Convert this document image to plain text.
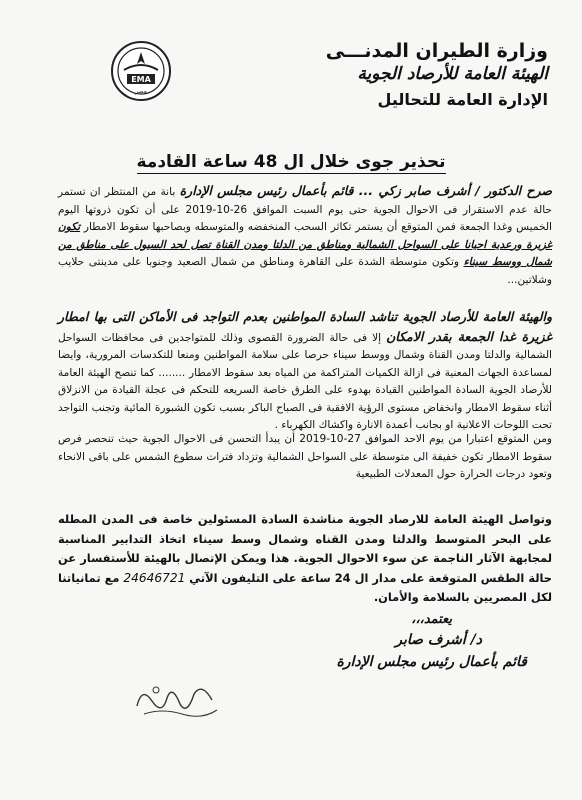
EMA
مصر
وزارة الطيران المدنـــى
الهيئة العامة للأرصاد الجوية
الإدارة العامة للتحاليل
تحذير جوى خلال ال 48 ساعة القادمة
صرح الدكتور / أشرف صابر زكي ... قائم بأعمال رئيس مجلس الإدارة بانة من المنتظر ان تستمر حالة عدم الاستقرار فى الاحوال الجوية حتى يوم السبت الموافق 26-10-2019 على أن تكون ذروتها اليوم الخميس وغدا الجمعة فمن المتوقع أن يستمر تكاثر السحب المنخفضه والمتوسطه وبصاحبها سقوط الامطار تكون غزيرة ورعدية احيانا على السواحل الشمالية ومناطق من الدلتا ومدن القناة تصل لحد السيول على مناطق من شمال ووسط سيناء وتكون متوسطة الشدة على القاهرة ومناطق من شمال الصعيد وجنوبا على مدينتى حلايب وشلاتين...
والهيئة العامة للأرصاد الجوية تناشد السادة المواطنين بعدم التواجد فى الأماكن التى بها امطار غزيرة غدا الجمعة بقدر الامكان إلا فى حالة الضرورة القصوى وذلك للمتواجدين فى محافظات السواحل الشمالية والدلتا ومدن القناة وشمال ووسط سيناء حرصا على سلامة المواطنين ومنعا للتكدسات المرورية، وايضا لمساعدة الجهات المعنية فى ازالة الكميات المتراكمة من المياه بعد سقوط الامطار ........ كما تنصح الهيئة العامة للأرصاد الجوية السادة المواطنين القيادة بهدوء على الطرق خاصة السريعه للتحكم فى عجلة القيادة من الانزلاق أثناء سقوط الامطار وانخفاض مستوى الرؤية الافقية فى الصباح الباكر بسبب تكون الشبورة المائية وتجنب التواجد تحت اللوحات الاعلانية او بجانب أعمدة الانارة واكشاك الكهرباء .
ومن المتوقع اعتبارا من يوم الاحد الموافق 27-10-2019 أن يبدأ التحسن فى الاحوال الجوية حيث تنحصر فرص سقوط الامطار تكون خفيفة الى متوسطة على السواحل الشمالية وتزداد فترات سطوع الشمس على باقى الانحاء وتعود درجات الحرارة حول المعدلات الطبيعية
وتواصل الهيئة العامة للارصاد الجوية مناشدة السادة المسئولين خاصة فى المدن المطله على البحر المتوسط والدلتا ومدن القناه وشمال وسط سيناء اتخاذ التدابير المناسبة لمجابهة الآثار الناجمة عن سوء الاحوال الجوية. هذا ويمكن الإتصال بالهيئة للأستفسار عن حالة الطقس المتوقعة على مدار ال 24 ساعة على التليفون الآتي 24646721 مع تمانياتنا لكل المصريين بالسلامة والأمان.
يعتمد،،،
د/ أشرف صابر
قائم بأعمال رئيس مجلس الإدارة
